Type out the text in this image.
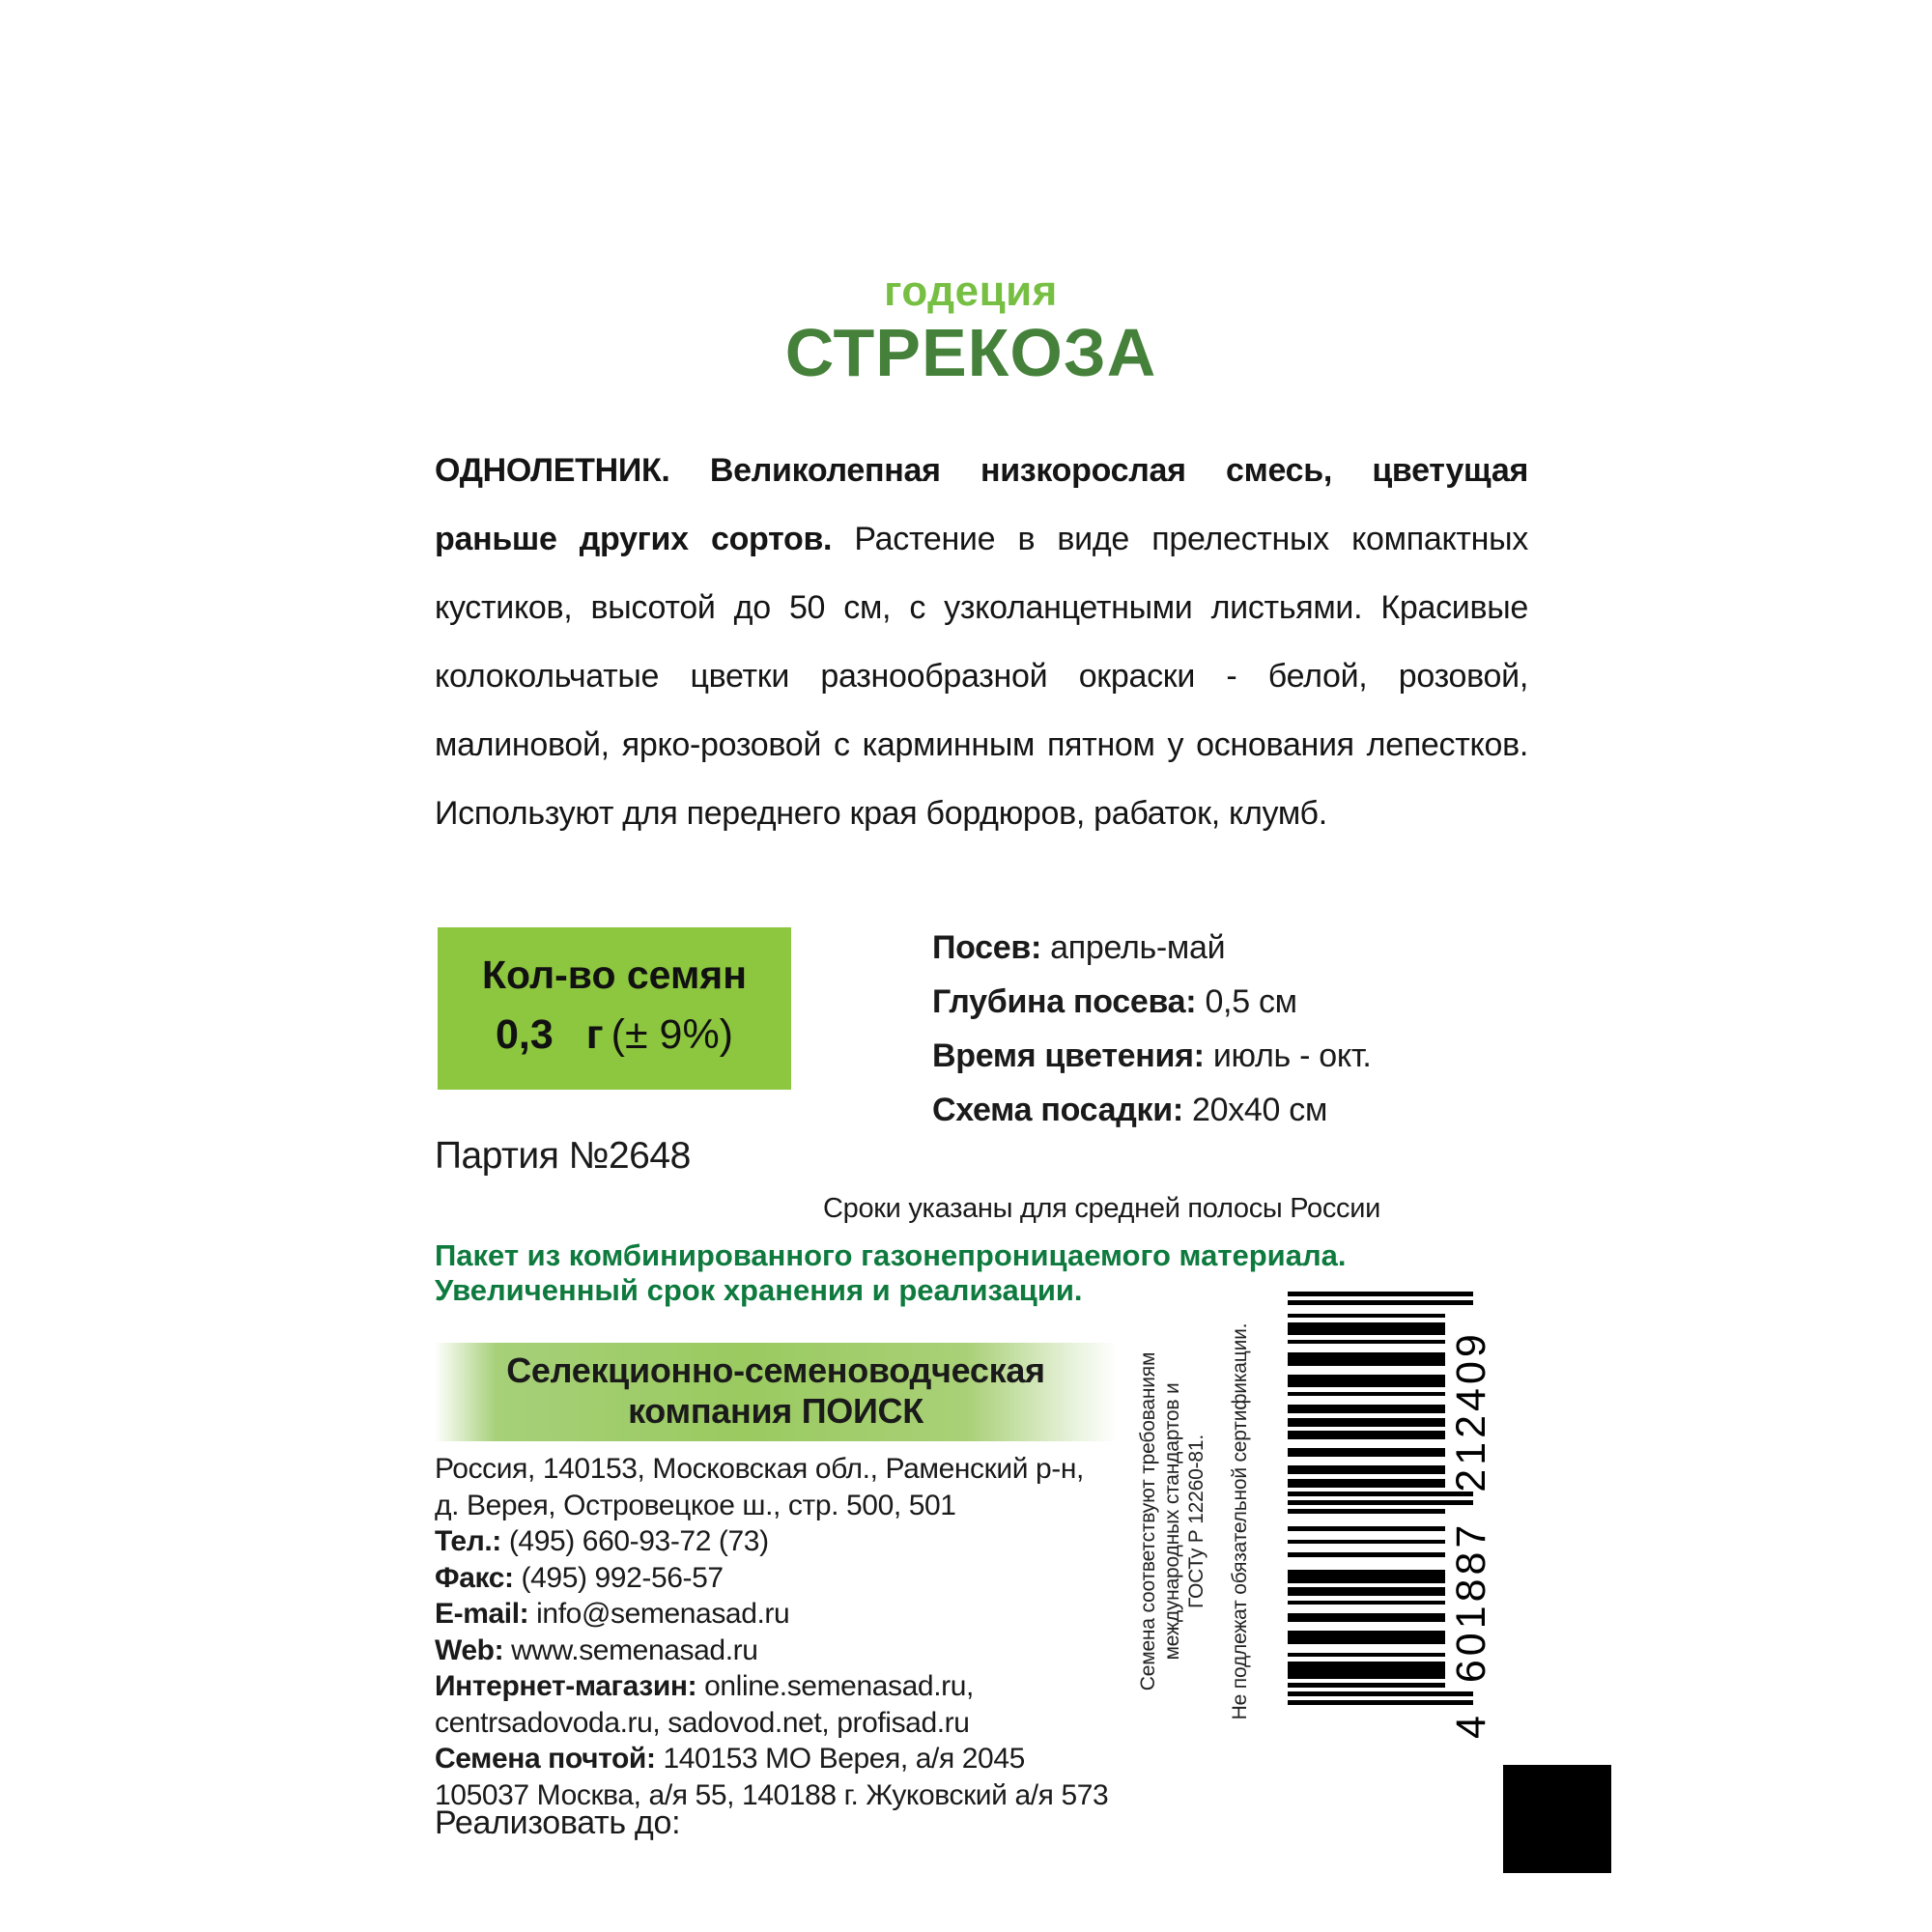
годеция
СТРЕКОЗА
ОДНОЛЕТНИК. Великолепная низкорослая смесь, цветущая раньше других сортов. Растение в виде прелестных компактных кустиков, высотой до 50 см, с узколанцетными листьями. Красивые колокольчатые цветки разнообразной окраски - белой, розовой, малиновой, ярко-розовой с карминным пятном у основания лепестков. Используют для переднего края бордюров, рабаток, клумб.
Кол-во семян
0,3 г (± 9%)
Посев: апрель-май
Глубина посева: 0,5 см
Время цветения: июль - окт.
Схема посадки: 20х40 см
Партия №2648
Сроки указаны для средней полосы России
Пакет из комбинированного газонепроницаемого материала.
Увеличенный срок хранения и реализации.
Селекционно-семеноводческая
компания ПОИСК
Россия, 140153, Московская обл., Раменский р-н,
д. Верея, Островецкое ш., стр. 500, 501
Тел.: (495) 660-93-72 (73)
Факс: (495) 992-56-57
E-mail: info@semenasad.ru
Web: www.semenasad.ru
Интернет-магазин: online.semenasad.ru,
centrsadovoda.ru, sadovod.net, profisad.ru
Семена почтой: 140153 МО Верея, а/я 2045
105037 Москва, а/я 55, 140188 г. Жуковский а/я 573
Семена соответствуют требованиям международных стандартов и ГОСТу Р 12260-81. Не подлежат обязательной сертификации.	4 601887 212409
Реализовать до:
